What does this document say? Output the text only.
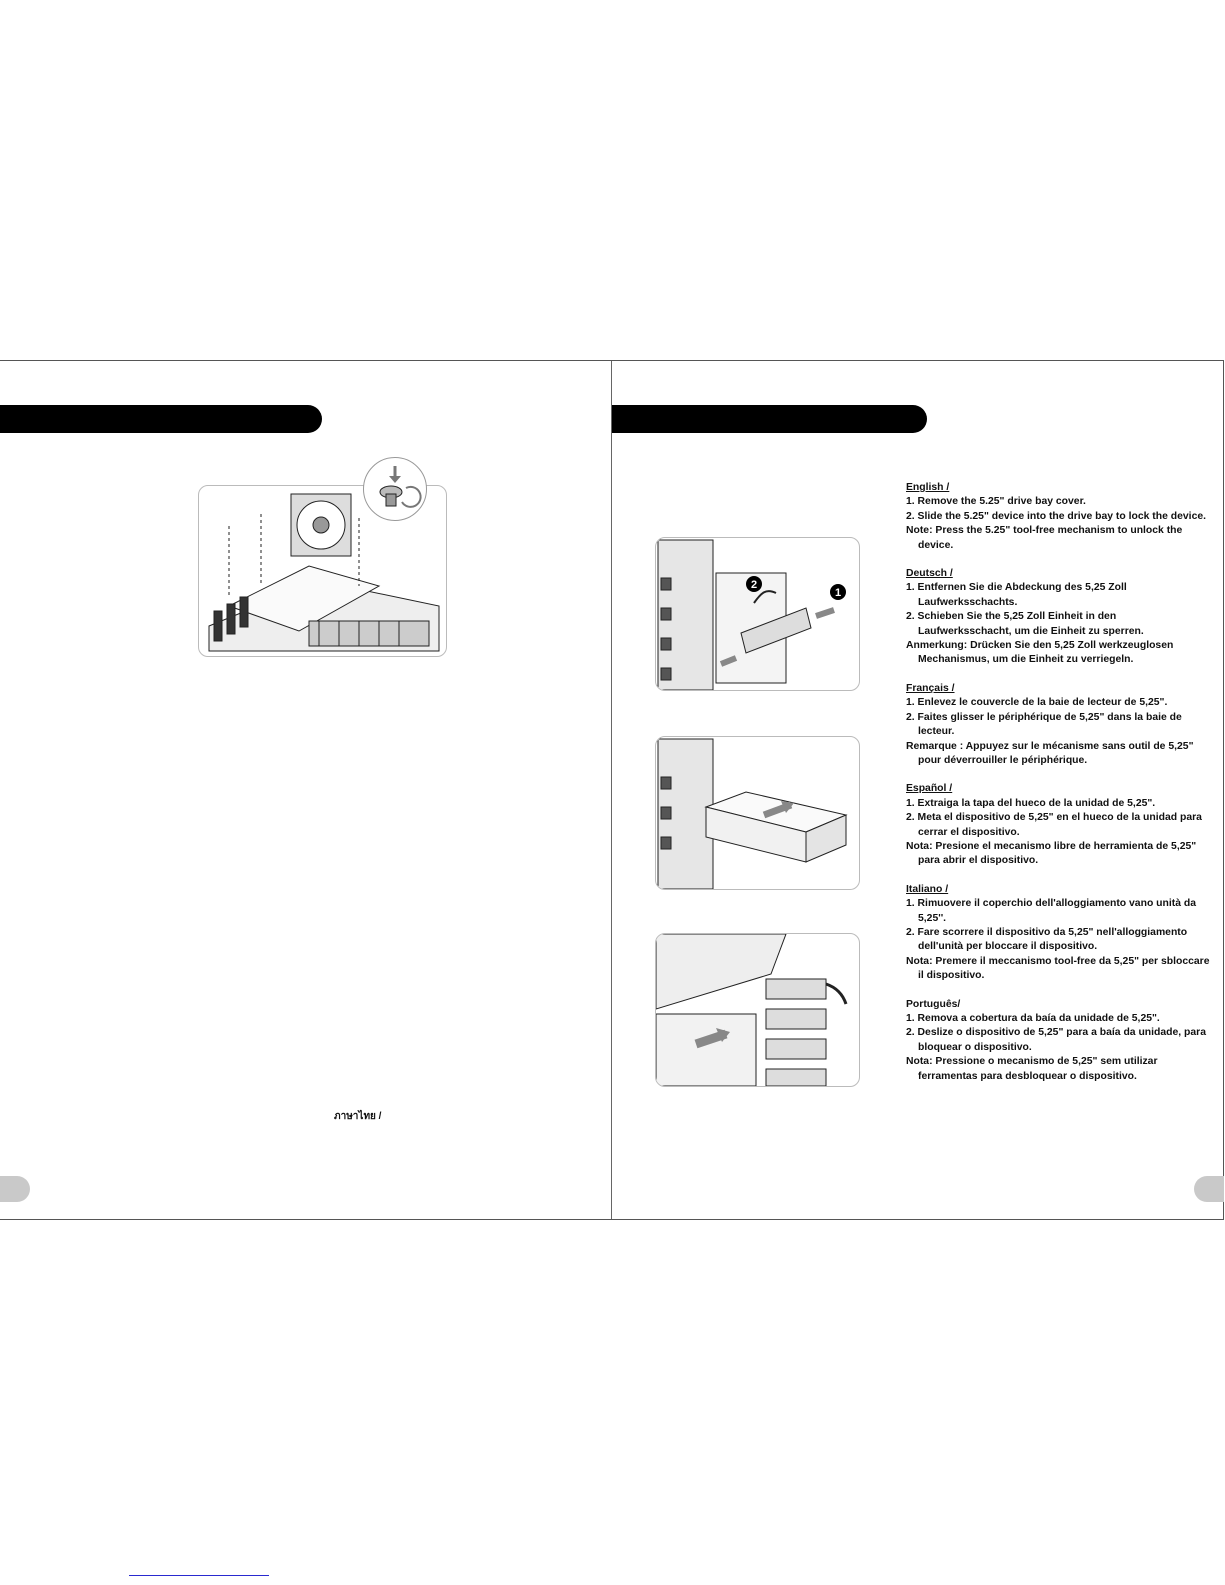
ภาษาไทย /
1
2
English /
1. Remove the 5.25" drive bay cover.
2. Slide the 5.25" device into the drive bay to lock the device.
Note: Press the 5.25" tool-free mechanism to unlock the device.
Deutsch /
1. Entfernen Sie die Abdeckung des 5,25 Zoll Laufwerksschachts.
2. Schieben Sie the 5,25 Zoll Einheit in den Laufwerksschacht, um die Einheit zu sperren.
Anmerkung: Drücken Sie den 5,25 Zoll werkzeuglosen Mechanismus, um die Einheit zu verriegeln.
Français /
1. Enlevez le couvercle de la baie de lecteur de 5,25".
2. Faites glisser le périphérique de 5,25" dans la baie de lecteur.
Remarque : Appuyez sur le mécanisme sans outil de 5,25" pour déverrouiller le périphérique.
Español /
1. Extraiga la tapa del hueco de la unidad de 5,25".
2. Meta el dispositivo de 5,25" en el hueco de la unidad para cerrar el dispositivo.
Nota: Presione el mecanismo libre de herramienta de 5,25" para abrir el dispositivo.
Italiano /
1. Rimuovere il coperchio dell'alloggiamento vano unità da 5,25''.
2. Fare scorrere il dispositivo da 5,25" nell'alloggiamento dell'unità per bloccare il dispositivo.
Nota: Premere il meccanismo tool-free da 5,25" per sbloccare il dispositivo.
Português/
1. Remova a cobertura da baía da unidade de 5,25".
2. Deslize o dispositivo de 5,25" para a baía da unidade, para bloquear o dispositivo.
Nota: Pressione o mecanismo de 5,25" sem utilizar ferramentas para desbloquear o dispositivo.
